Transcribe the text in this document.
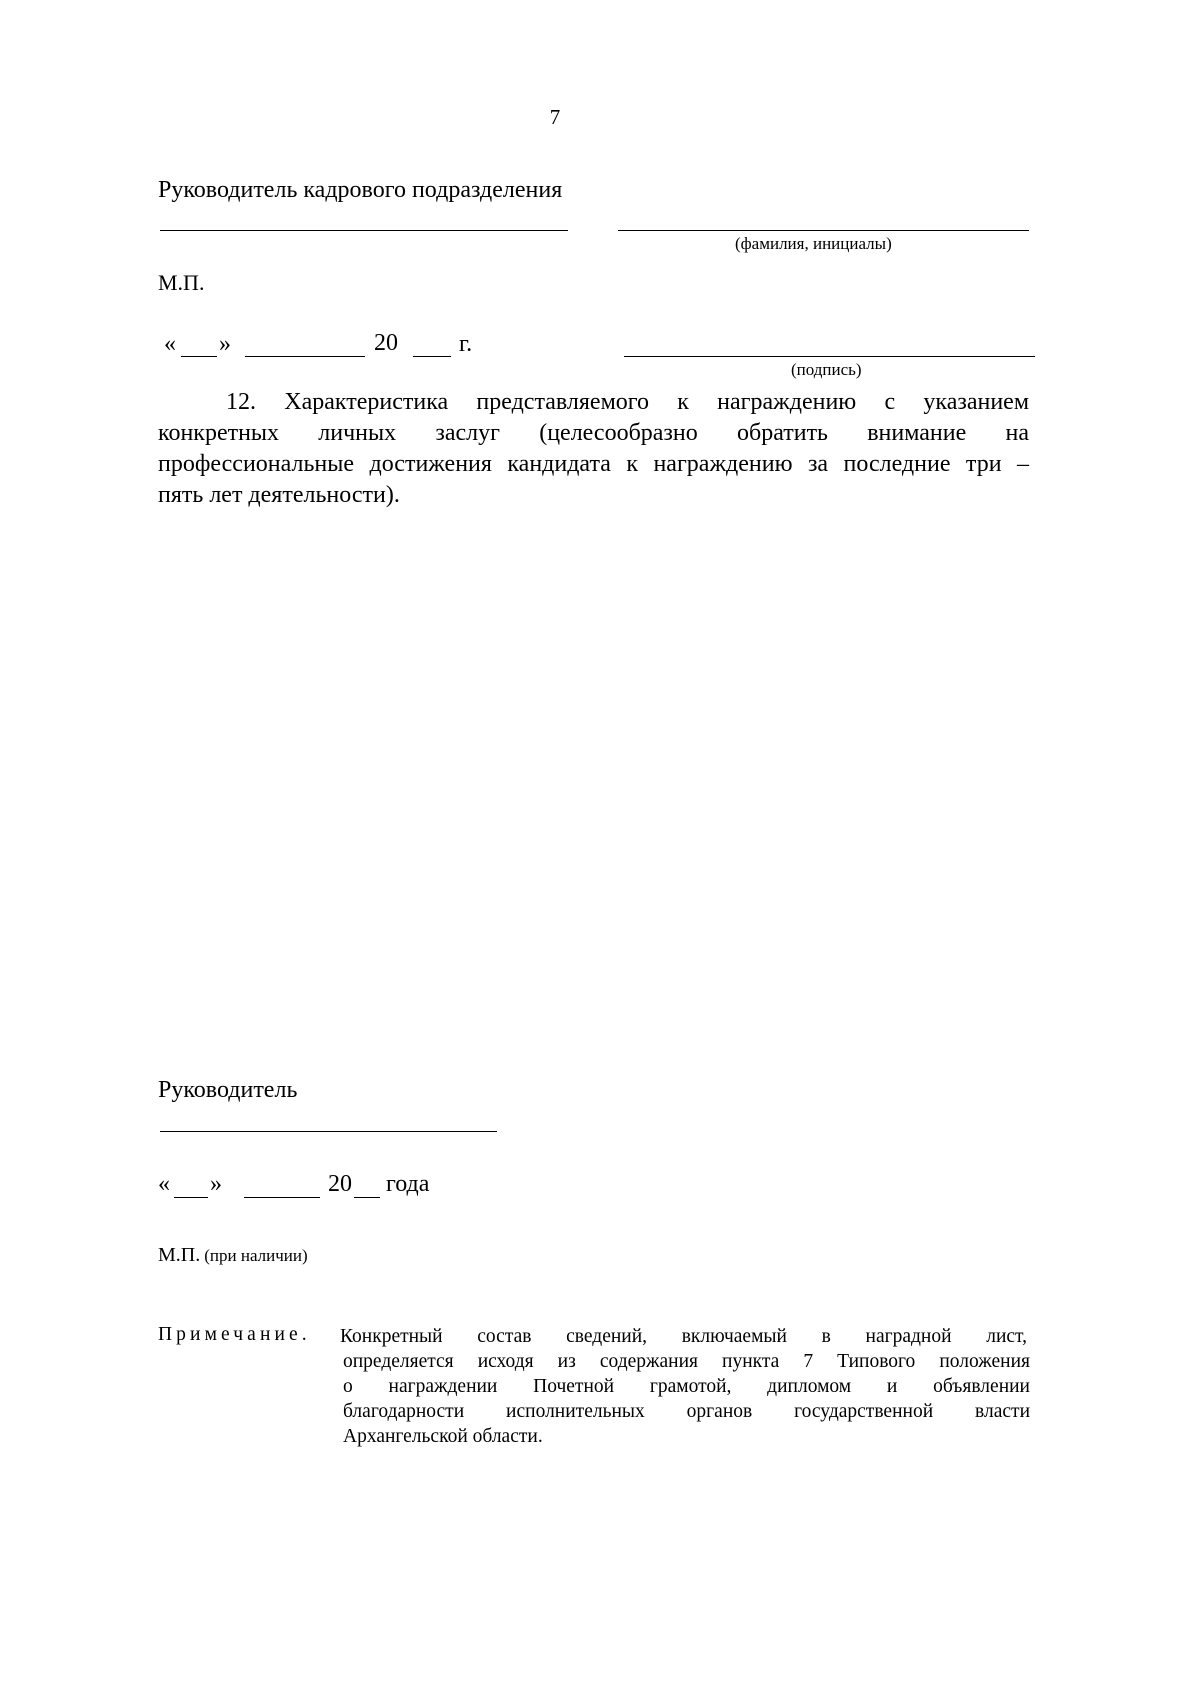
7
Руководитель кадрового подразделения
(фамилия, инициалы)
М.П.
« »	20	г.
(подпись)
12. Характеристика представляемого к награждению с указанием
конкретных личных заслуг (целесообразно обратить внимание на
профессиональные достижения кандидата к награждению за последние три –
пять лет деятельности).
Руководитель
« »	20 года
М.П. (при наличии)
Примечание. Конкретный состав сведений, включаемый в наградной лист,
определяется исходя из содержания пункта 7 Типового положения
о награждении Почетной грамотой, дипломом и объявлении
благодарности исполнительных органов государственной власти
Архангельской области.
